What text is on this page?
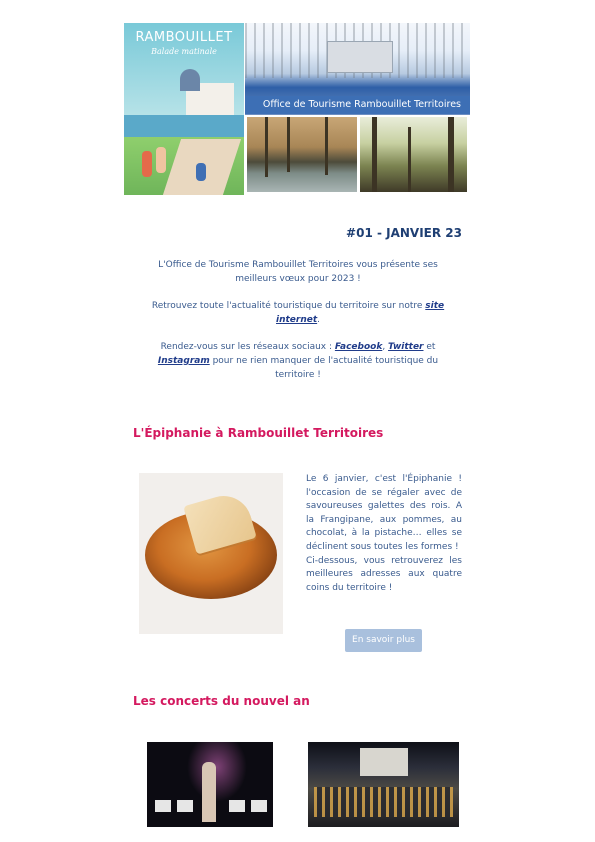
RAMBOUILLET
Balade matinale
Office de Tourisme Rambouillet Territoires
#01 - JANVIER 23

L'Office de Tourisme Rambouillet Territoires vous présente ses meilleurs vœux pour 2023 !

Retrouvez toute l'actualité touristique du territoire sur notre site internet.

Rendez-vous sur les réseaux sociaux : Facebook, Twitter et Instagram pour ne rien manquer de l'actualité touristique du territoire !

L'Épiphanie à Rambouillet Territoires

Le 6 janvier, c'est l'Épiphanie ! l'occasion de se régaler avec de savoureuses galettes des rois. A la Frangipane, aux pommes, au chocolat, à la pistache… elles se déclinent sous toutes les formes !

Ci-dessous, vous retrouverez les meilleures adresses aux quatre coins du territoire !

En savoir plus
Les concerts du nouvel an
